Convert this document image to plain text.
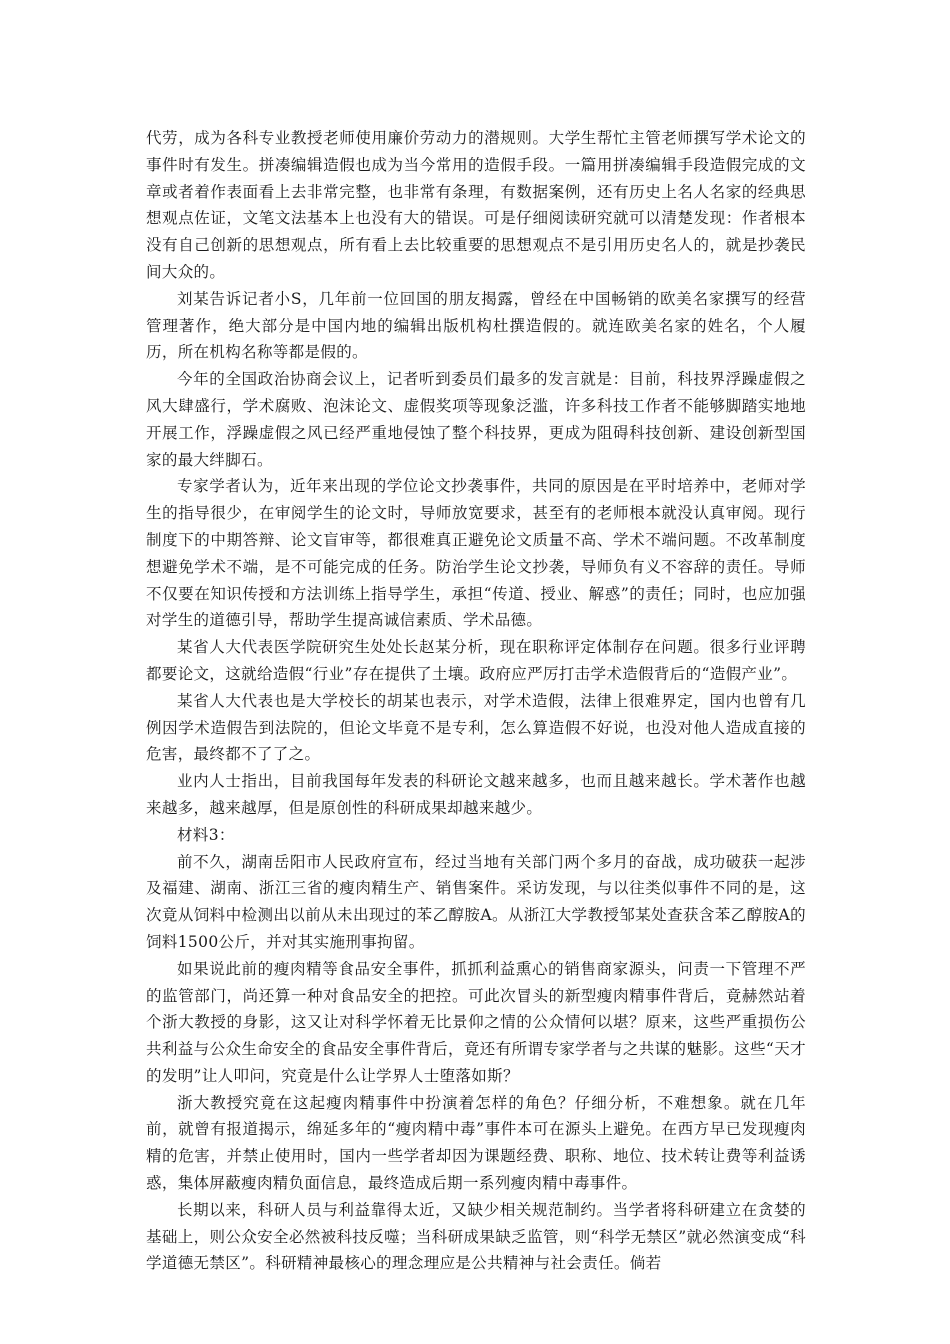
代劳，成为各科专业教授老师使用廉价劳动力的潜规则。大学生帮忙主管老师撰写学术论文的事件时有发生。拼凑编辑造假也成为当今常用的造假手段。一篇用拼凑编辑手段造假完成的文章或者着作表面看上去非常完整，也非常有条理，有数据案例，还有历史上名人名家的经典思想观点佐证，文笔文法基本上也没有大的错误。可是仔细阅读研究就可以清楚发现：作者根本没有自己创新的思想观点，所有看上去比较重要的思想观点不是引用历史名人的，就是抄袭民间大众的。

刘某告诉记者小S，几年前一位回国的朋友揭露，曾经在中国畅销的欧美名家撰写的经营管理著作，绝大部分是中国内地的编辑出版机构杜撰造假的。就连欧美名家的姓名，个人履历，所在机构名称等都是假的。

今年的全国政治协商会议上，记者听到委员们最多的发言就是：目前，科技界浮躁虚假之风大肆盛行，学术腐败、泡沫论文、虚假奖项等现象泛滥，许多科技工作者不能够脚踏实地地开展工作，浮躁虚假之风已经严重地侵蚀了整个科技界，更成为阻碍科技创新、建设创新型国家的最大绊脚石。

专家学者认为，近年来出现的学位论文抄袭事件，共同的原因是在平时培养中，老师对学生的指导很少，在审阅学生的论文时，导师放宽要求，甚至有的老师根本就没认真审阅。现行制度下的中期答辩、论文盲审等，都很难真正避免论文质量不高、学术不端问题。不改革制度想避免学术不端，是不可能完成的任务。防治学生论文抄袭，导师负有义不容辞的责任。导师不仅要在知识传授和方法训练上指导学生，承担“传道、授业、解惑”的责任；同时，也应加强对学生的道德引导，帮助学生提高诚信素质、学术品德。

某省人大代表医学院研究生处处长赵某分析，现在职称评定体制存在问题。很多行业评聘都要论文，这就给造假“行业”存在提供了土壤。政府应严厉打击学术造假背后的“造假产业”。

某省人大代表也是大学校长的胡某也表示，对学术造假，法律上很难界定，国内也曾有几例因学术造假告到法院的，但论文毕竟不是专利，怎么算造假不好说，也没对他人造成直接的危害，最终都不了了之。

业内人士指出，目前我国每年发表的科研论文越来越多，也而且越来越长。学术著作也越来越多，越来越厚，但是原创性的科研成果却越来越少。

材料3：

前不久，湖南岳阳市人民政府宣布，经过当地有关部门两个多月的奋战，成功破获一起涉及福建、湖南、浙江三省的瘦肉精生产、销售案件。采访发现，与以往类似事件不同的是，这次竟从饲料中检测出以前从未出现过的苯乙醇胺A。从浙江大学教授邹某处查获含苯乙醇胺A的饲料1500公斤，并对其实施刑事拘留。

如果说此前的瘦肉精等食品安全事件，抓抓利益熏心的销售商家源头，问责一下管理不严的监管部门，尚还算一种对食品安全的把控。可此次冒头的新型瘦肉精事件背后，竟赫然站着个浙大教授的身影，这又让对科学怀着无比景仰之情的公众情何以堪？原来，这些严重损伤公共利益与公众生命安全的食品安全事件背后，竟还有所谓专家学者与之共谋的魅影。这些“天才的发明”让人叩问，究竟是什么让学界人士堕落如斯？

浙大教授究竟在这起瘦肉精事件中扮演着怎样的角色？仔细分析，不难想象。就在几年前，就曾有报道揭示，绵延多年的“瘦肉精中毒”事件本可在源头上避免。在西方早已发现瘦肉精的危害，并禁止使用时，国内一些学者却因为课题经费、职称、地位、技术转让费等利益诱惑，集体屏蔽瘦肉精负面信息，最终造成后期一系列瘦肉精中毒事件。

长期以来，科研人员与利益靠得太近，又缺少相关规范制约。当学者将科研建立在贪婪的基础上，则公众安全必然被科技反噬；当科研成果缺乏监管，则“科学无禁区”就必然演变成“科学道德无禁区”。科研精神最核心的理念理应是公共精神与社会责任。倘若
